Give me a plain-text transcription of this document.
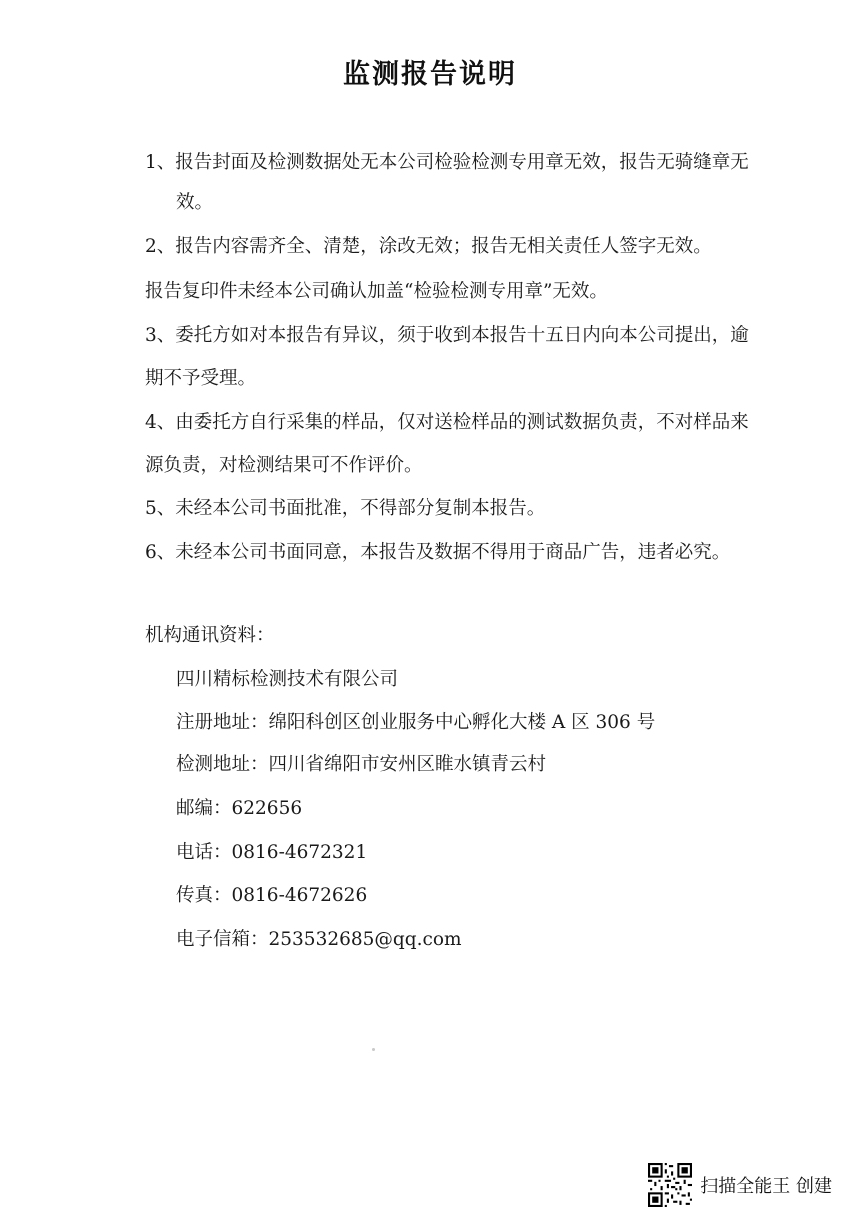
监测报告说明
1、报告封面及检测数据处无本公司检验检测专用章无效，报告无骑缝章无
效。
2、报告内容需齐全、清楚，涂改无效；报告无相关责任人签字无效。
报告复印件未经本公司确认加盖“检验检测专用章”无效。
3、委托方如对本报告有异议，须于收到本报告十五日内向本公司提出，逾
期不予受理。
4、由委托方自行采集的样品，仅对送检样品的测试数据负责，不对样品来
源负责，对检测结果可不作评价。
5、未经本公司书面批准，不得部分复制本报告。
6、未经本公司书面同意，本报告及数据不得用于商品广告，违者必究。
机构通讯资料：
四川精标检测技术有限公司
注册地址：绵阳科创区创业服务中心孵化大楼 A 区 306 号
检测地址：四川省绵阳市安州区睢水镇青云村
邮编：622656
电话：0816-4672321
传真：0816-4672626
电子信箱：253532685@qq.com
扫描全能王 创建
